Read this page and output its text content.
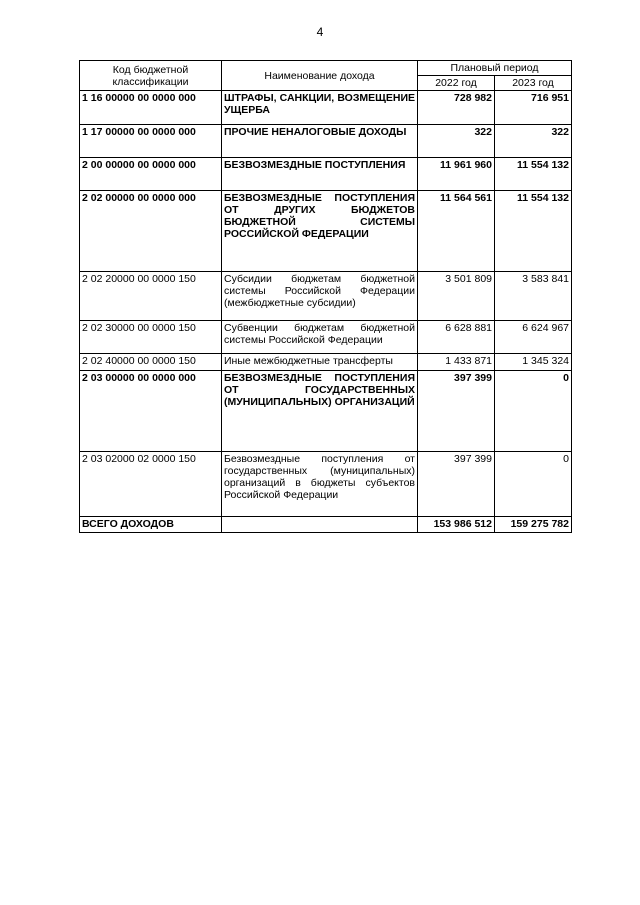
4
Код бюджетной классификации	Наименование дохода	Плановый период	
		2022 год	2023 год
1 16 00000 00 0000 000	ШТРАФЫ, САНКЦИИ, ВОЗМЕЩЕНИЕ УЩЕРБА	728 982	716 951
1 17 00000 00 0000 000	ПРОЧИЕ НЕНАЛОГОВЫЕ ДОХОДЫ	322	322
2 00 00000 00 0000 000	БЕЗВОЗМЕЗДНЫЕ ПОСТУПЛЕНИЯ	11 961 960	11 554 132
2 02 00000 00 0000 000	БЕЗВОЗМЕЗДНЫЕ ПОСТУПЛЕНИЯ ОТ ДРУГИХ БЮДЖЕТОВ БЮДЖЕТНОЙ СИСТЕМЫ РОССИЙСКОЙ ФЕДЕРАЦИИ	11 564 561	11 554 132
2 02 20000 00 0000 150	Субсидии бюджетам бюджетной системы Российской Федерации (межбюджетные субсидии)	3 501 809	3 583 841
2 02 30000 00 0000 150	Субвенции бюджетам бюджетной системы Российской Федерации	6 628 881	6 624 967
2 02 40000 00 0000 150	Иные межбюджетные трансферты	1 433 871	1 345 324
2 03 00000 00 0000 000	БЕЗВОЗМЕЗДНЫЕ ПОСТУПЛЕНИЯ ОТ ГОСУДАРСТВЕННЫХ (МУНИЦИПАЛЬНЫХ) ОРГАНИЗАЦИЙ	397 399	0
2 03 02000 02 0000 150	Безвозмездные поступления от государственных (муниципальных) организаций в бюджеты субъектов Российской Федерации	397 399	0
ВСЕГО ДОХОДОВ		153 986 512	159 275 782
